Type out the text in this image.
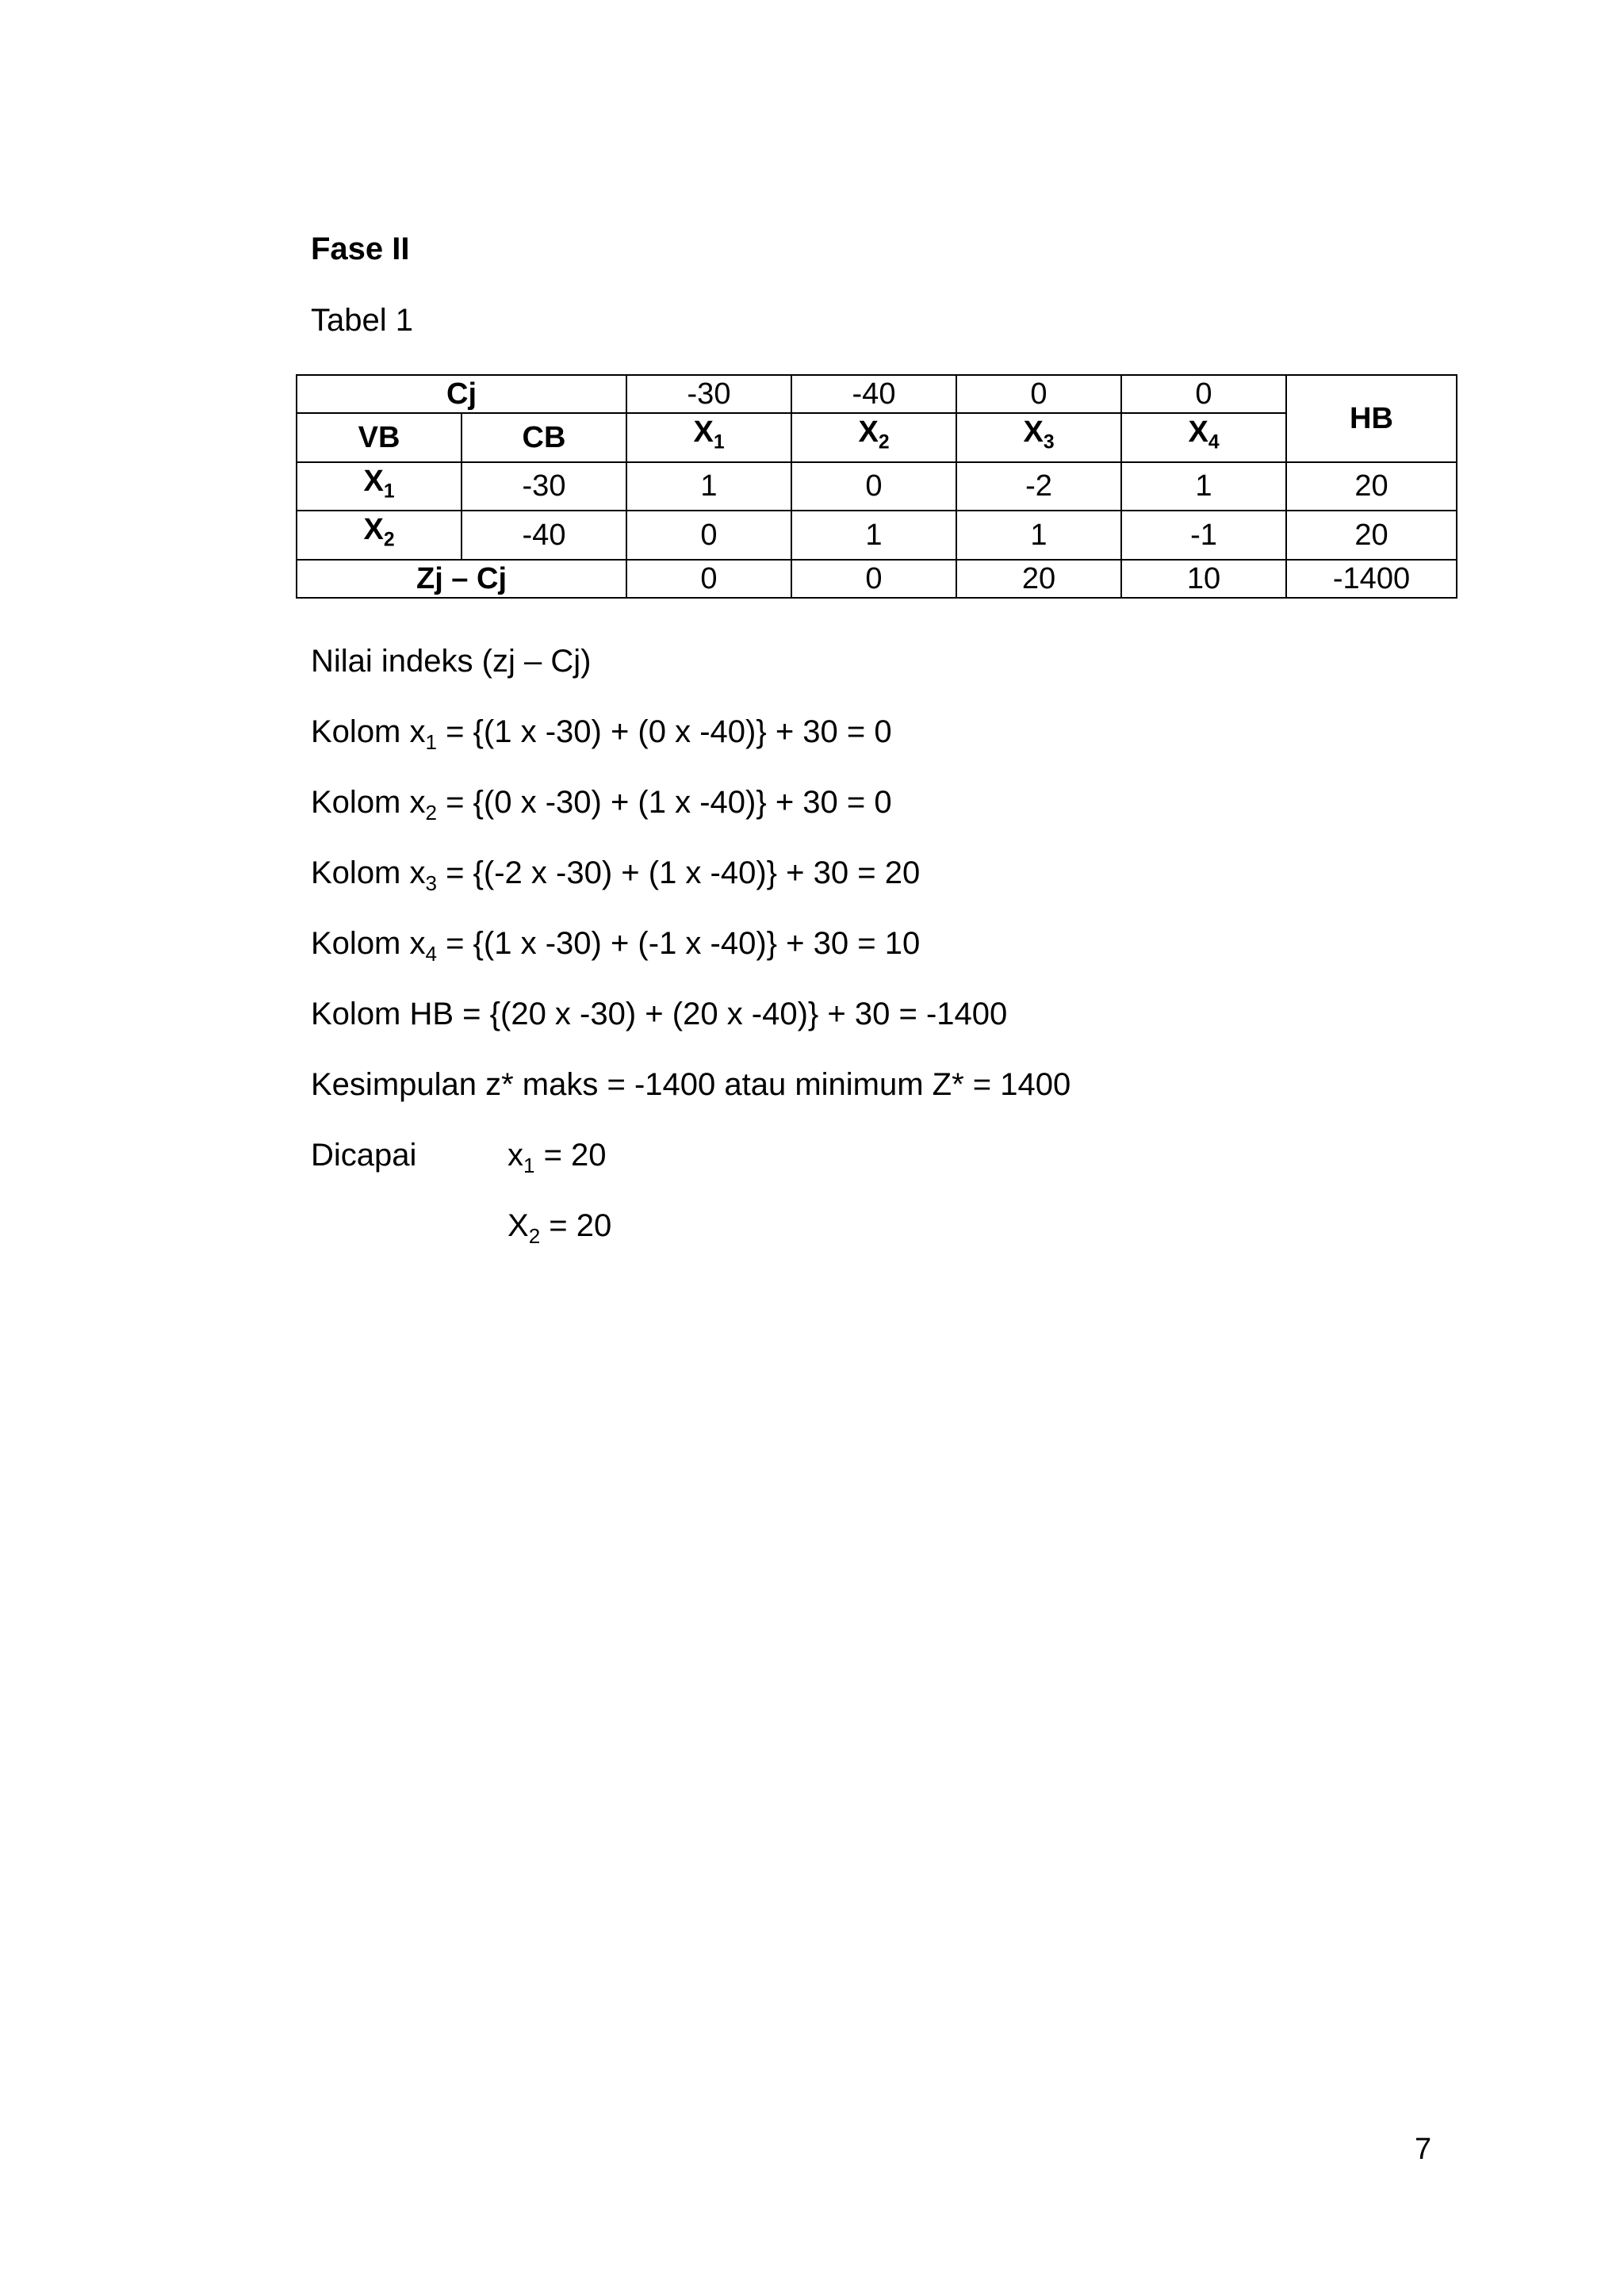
Fase II
Tabel 1
Cj		-30	-40	0	0	HB
VB	CB	$X_1$	$X_2$	$X_3$	$X_4$
$X_1$	-30	1	0	-2	1	20
$X_2$	-40	0	1	1	-1	20
Zj – Cj		0	0	20	10	-1400
Nilai indeks (zj – Cj)
Kolom $x_1 = \{(1$ x -30) + (0 x -40)} + 30 = 0
Kolom $x_2 = \{(0$ x -30) + (1 x -40)} + 30 = 0
Kolom $x_3 = \{(-2$ x -30) + (1 x -40)} + 30 = 20
Kolom $x_4 = \{(1$ x -30) + (-1 x -40)} + 30 = 10
Kolom HB = {(20 x -30) + (20 x -40)} + 30 = -1400
Kesimpulan z* maks = -1400 atau minimum Z* = 1400
Dicapai	$x_1 = 20$
$X_2 = 20$
7
